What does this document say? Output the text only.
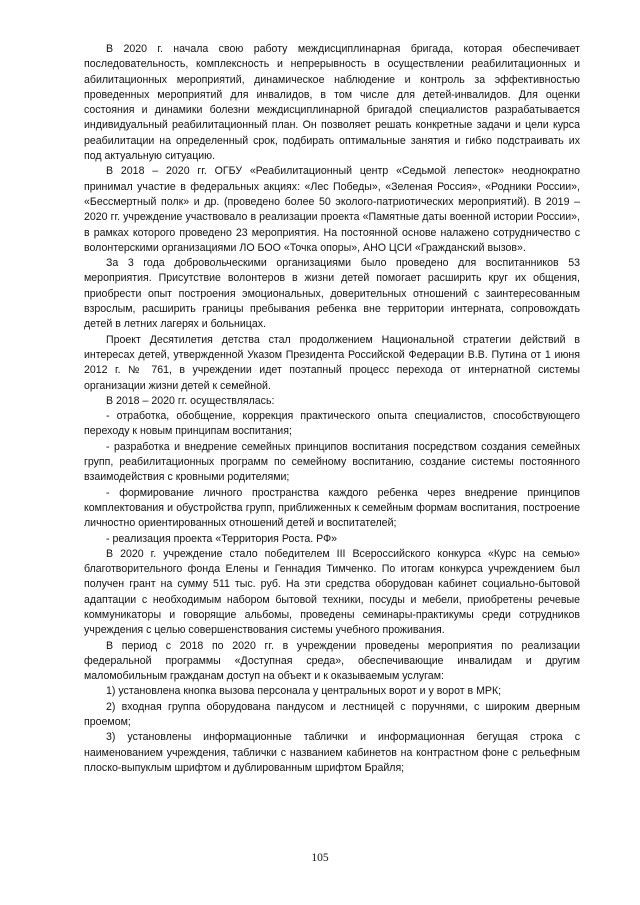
В 2020 г. начала свою работу междисциплинарная бригада, которая обеспечивает последовательность, комплексность и непрерывность в осуществлении реабилитационных и абилитационных мероприятий, динамическое наблюдение и контроль за эффективностью проведенных мероприятий для инвалидов, в том числе для детей-инвалидов. Для оценки состояния и динамики болезни междисциплинарной бригадой специалистов разрабатывается индивидуальный реабилитационный план. Он позволяет решать конкретные задачи и цели курса реабилитации на определенный срок, подбирать оптимальные занятия и гибко подстраивать их под актуальную ситуацию.

В 2018 – 2020 гг. ОГБУ «Реабилитационный центр «Седьмой лепесток» неоднократно принимал участие в федеральных акциях: «Лес Победы», «Зеленая Россия», «Родники России», «Бессмертный полк» и др. (проведено более 50 эколого-патриотических мероприятий). В 2019 – 2020 гг. учреждение участвовало в реализации проекта «Памятные даты военной истории России», в рамках которого проведено 23 мероприятия. На постоянной основе налажено сотрудничество с волонтерскими организациями ЛО БОО «Точка опоры», АНО ЦСИ «Гражданский вызов».

За 3 года добровольческими организациями было проведено для воспитанников 53 мероприятия. Присутствие волонтеров в жизни детей помогает расширить круг их общения, приобрести опыт построения эмоциональных, доверительных отношений с заинтересованным взрослым, расширить границы пребывания ребенка вне территории интерната, сопровождать детей в летних лагерях и больницах.

Проект Десятилетия детства стал продолжением Национальной стратегии действий в интересах детей, утвержденной Указом Президента Российской Федерации В.В. Путина от 1 июня 2012 г. № 761, в учреждении идет поэтапный процесс перехода от интернатной системы организации жизни детей к семейной.

В 2018 – 2020 гг. осуществлялась:

- отработка, обобщение, коррекция практического опыта специалистов, способствующего переходу к новым принципам воспитания;

- разработка и внедрение семейных принципов воспитания посредством создания семейных групп, реабилитационных программ по семейному воспитанию, создание системы постоянного взаимодействия с кровными родителями;

- формирование личного пространства каждого ребенка через внедрение принципов комплектования и обустройства групп, приближенных к семейным формам воспитания, построение личностно ориентированных отношений детей и воспитателей;

- реализация проекта «Территория Роста. РФ»

В 2020 г. учреждение стало победителем III Всероссийского конкурса «Курс на семью» благотворительного фонда Елены и Геннадия Тимченко. По итогам конкурса учреждением был получен грант на сумму 511 тыс. руб. На эти средства оборудован кабинет социально-бытовой адаптации с необходимым набором бытовой техники, посуды и мебели, приобретены речевые коммуникаторы и говорящие альбомы, проведены семинары-практикумы среди сотрудников учреждения с целью совершенствования системы учебного проживания.

В период с 2018 по 2020 гг. в учреждении проведены мероприятия по реализации федеральной программы «Доступная среда», обеспечивающие инвалидам и другим маломобильным гражданам доступ на объект и к оказываемым услугам:

1) установлена кнопка вызова персонала у центральных ворот и у ворот в МРК;

2) входная группа оборудована пандусом и лестницей с поручнями, с широким дверным проемом;

3) установлены информационные таблички и информационная бегущая строка с наименованием учреждения, таблички с названием кабинетов на контрастном фоне с рельефным плоско-выпуклым шрифтом и дублированным шрифтом Брайля;

105
